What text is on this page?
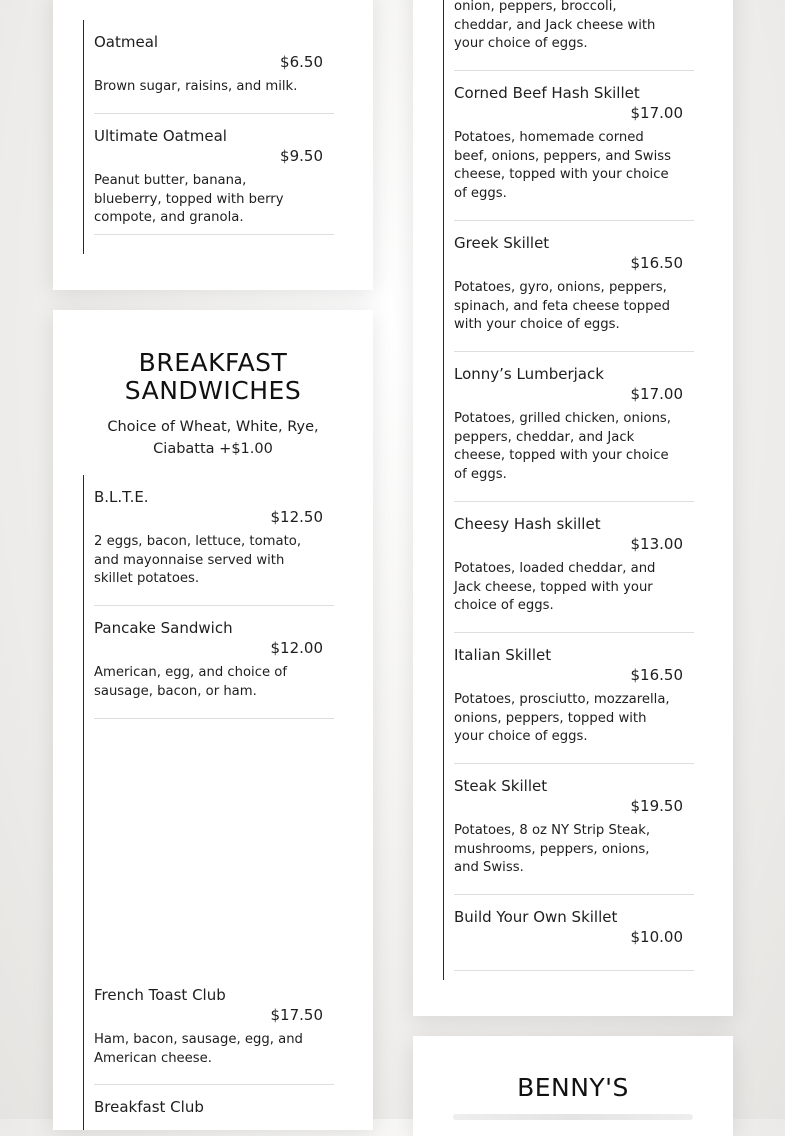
Oatmeal
$6.50
Brown sugar, raisins, and milk.
Ultimate Oatmeal
$9.50
Peanut butter, banana, blueberry, topped with berry compote, and granola.
BREAKFAST
SANDWICHES
Choice of Wheat, White, Rye, Ciabatta +$1.00
B.L.T.E.
$12.50
2 eggs, bacon, lettuce, tomato, and mayonnaise served with skillet potatoes.
Pancake Sandwich
$12.00
American, egg, and choice of sausage, bacon, or ham.
French Toast Club
$17.50
Ham, bacon, sausage, egg, and American cheese.
Breakfast Club
onion, peppers, broccoli, cheddar, and Jack cheese with your choice of eggs.
Corned Beef Hash Skillet
$17.00
Potatoes, homemade corned beef, onions, peppers, and Swiss cheese, topped with your choice of eggs.
Greek Skillet
$16.50
Potatoes, gyro, onions, peppers, spinach, and feta cheese topped with your choice of eggs.
Lonny’s Lumberjack
$17.00
Potatoes, grilled chicken, onions, peppers, cheddar, and Jack cheese, topped with your choice of eggs.
Cheesy Hash skillet
$13.00
Potatoes, loaded cheddar, and Jack cheese, topped with your choice of eggs.
Italian Skillet
$16.50
Potatoes, prosciutto, mozzarella, onions, peppers, topped with your choice of eggs.
Steak Skillet
$19.50
Potatoes, 8 oz NY Strip Steak, mushrooms, peppers, onions, and Swiss.
Build Your Own Skillet
$10.00
BENNY'S
